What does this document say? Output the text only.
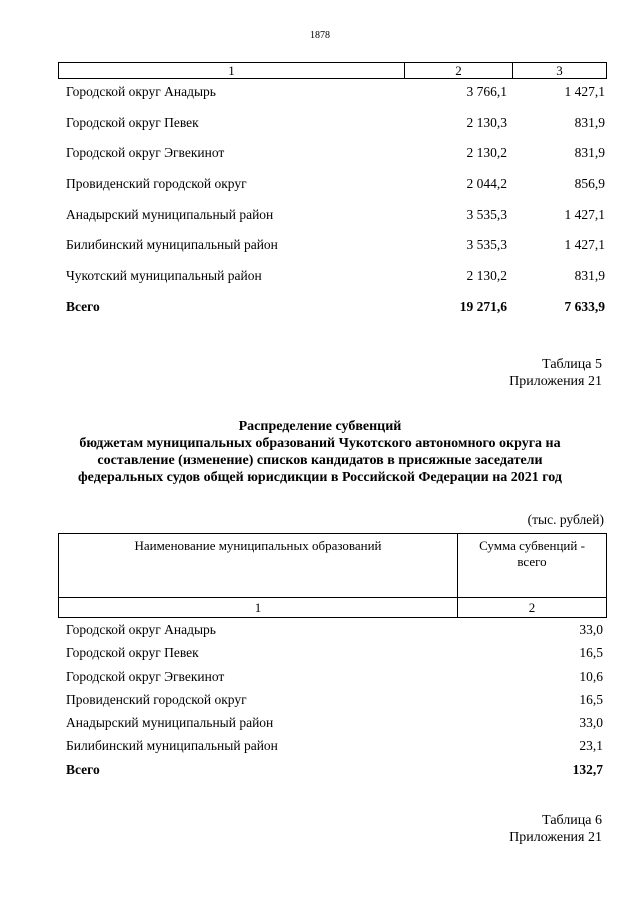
1878
1	2	3
Городской округ Анадырь	3 766,1	1 427,1
Городской округ Певек	2 130,3	831,9
Городской округ Эгвекинот	2 130,2	831,9
Провиденский городской округ	2 044,2	856,9
Анадырский муниципальный район	3 535,3	1 427,1
Билибинский муниципальный район	3 535,3	1 427,1
Чукотский муниципальный район	2 130,2	831,9
Всего	19 271,6	7 633,9
Таблица 5
Приложения 21
Распределение субвенций
бюджетам муниципальных образований Чукотского автономного округа на
составление (изменение) списков кандидатов в присяжные заседатели
федеральных судов общей юрисдикции в Российской Федерации на 2021 год
(тыс. рублей)
Наименование муниципальных образований	Сумма субвенций -
всего
1	2
Городской округ Анадырь	33,0
Городской округ Певек	16,5
Городской округ Эгвекинот	10,6
Провиденский городской округ	16,5
Анадырский муниципальный район	33,0
Билибинский муниципальный район	23,1
Всего	132,7
Таблица 6
Приложения 21
